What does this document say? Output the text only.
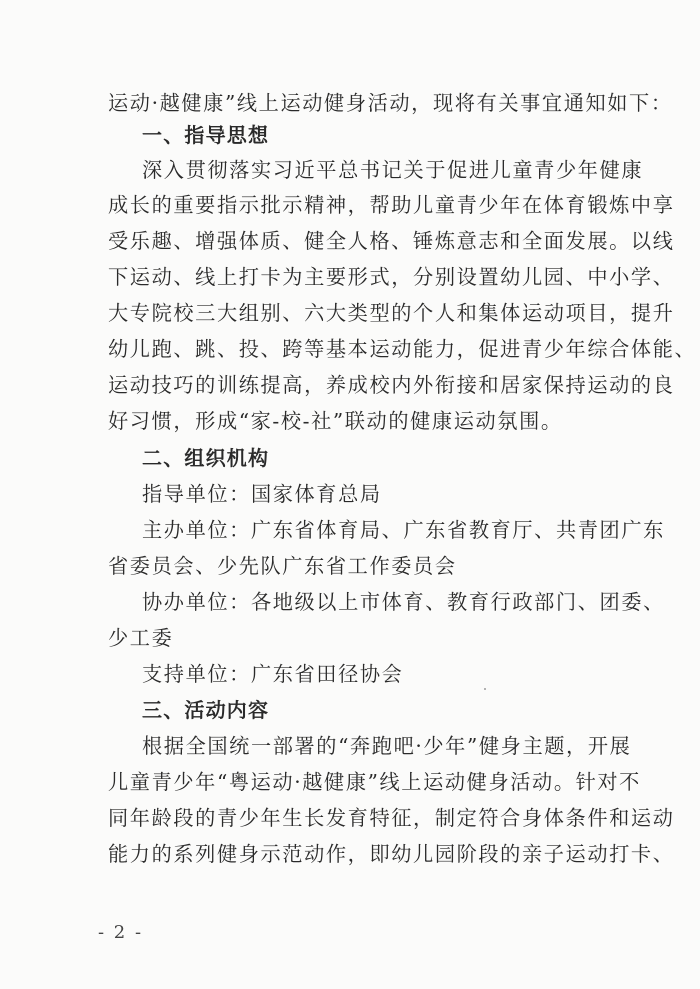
运动·越健康”线上运动健身活动，现将有关事宜通知如下：
一、指导思想
深入贯彻落实习近平总书记关于促进儿童青少年健康
成长的重要指示批示精神，帮助儿童青少年在体育锻炼中享
受乐趣、增强体质、健全人格、锤炼意志和全面发展。以线
下运动、线上打卡为主要形式，分别设置幼儿园、中小学、
大专院校三大组别、六大类型的个人和集体运动项目，提升
幼儿跑、跳、投、跨等基本运动能力，促进青少年综合体能、
运动技巧的训练提高，养成校内外衔接和居家保持运动的良
好习惯，形成“家-校-社”联动的健康运动氛围。
二、组织机构
指导单位：国家体育总局
主办单位：广东省体育局、广东省教育厅、共青团广东
省委员会、少先队广东省工作委员会
协办单位：各地级以上市体育、教育行政部门、团委、
少工委
支持单位：广东省田径协会
三、活动内容
根据全国统一部署的“奔跑吧·少年”健身主题，开展
儿童青少年“粤运动·越健康”线上运动健身活动。针对不
同年龄段的青少年生长发育特征，制定符合身体条件和运动
能力的系列健身示范动作，即幼儿园阶段的亲子运动打卡、
- 2 -
